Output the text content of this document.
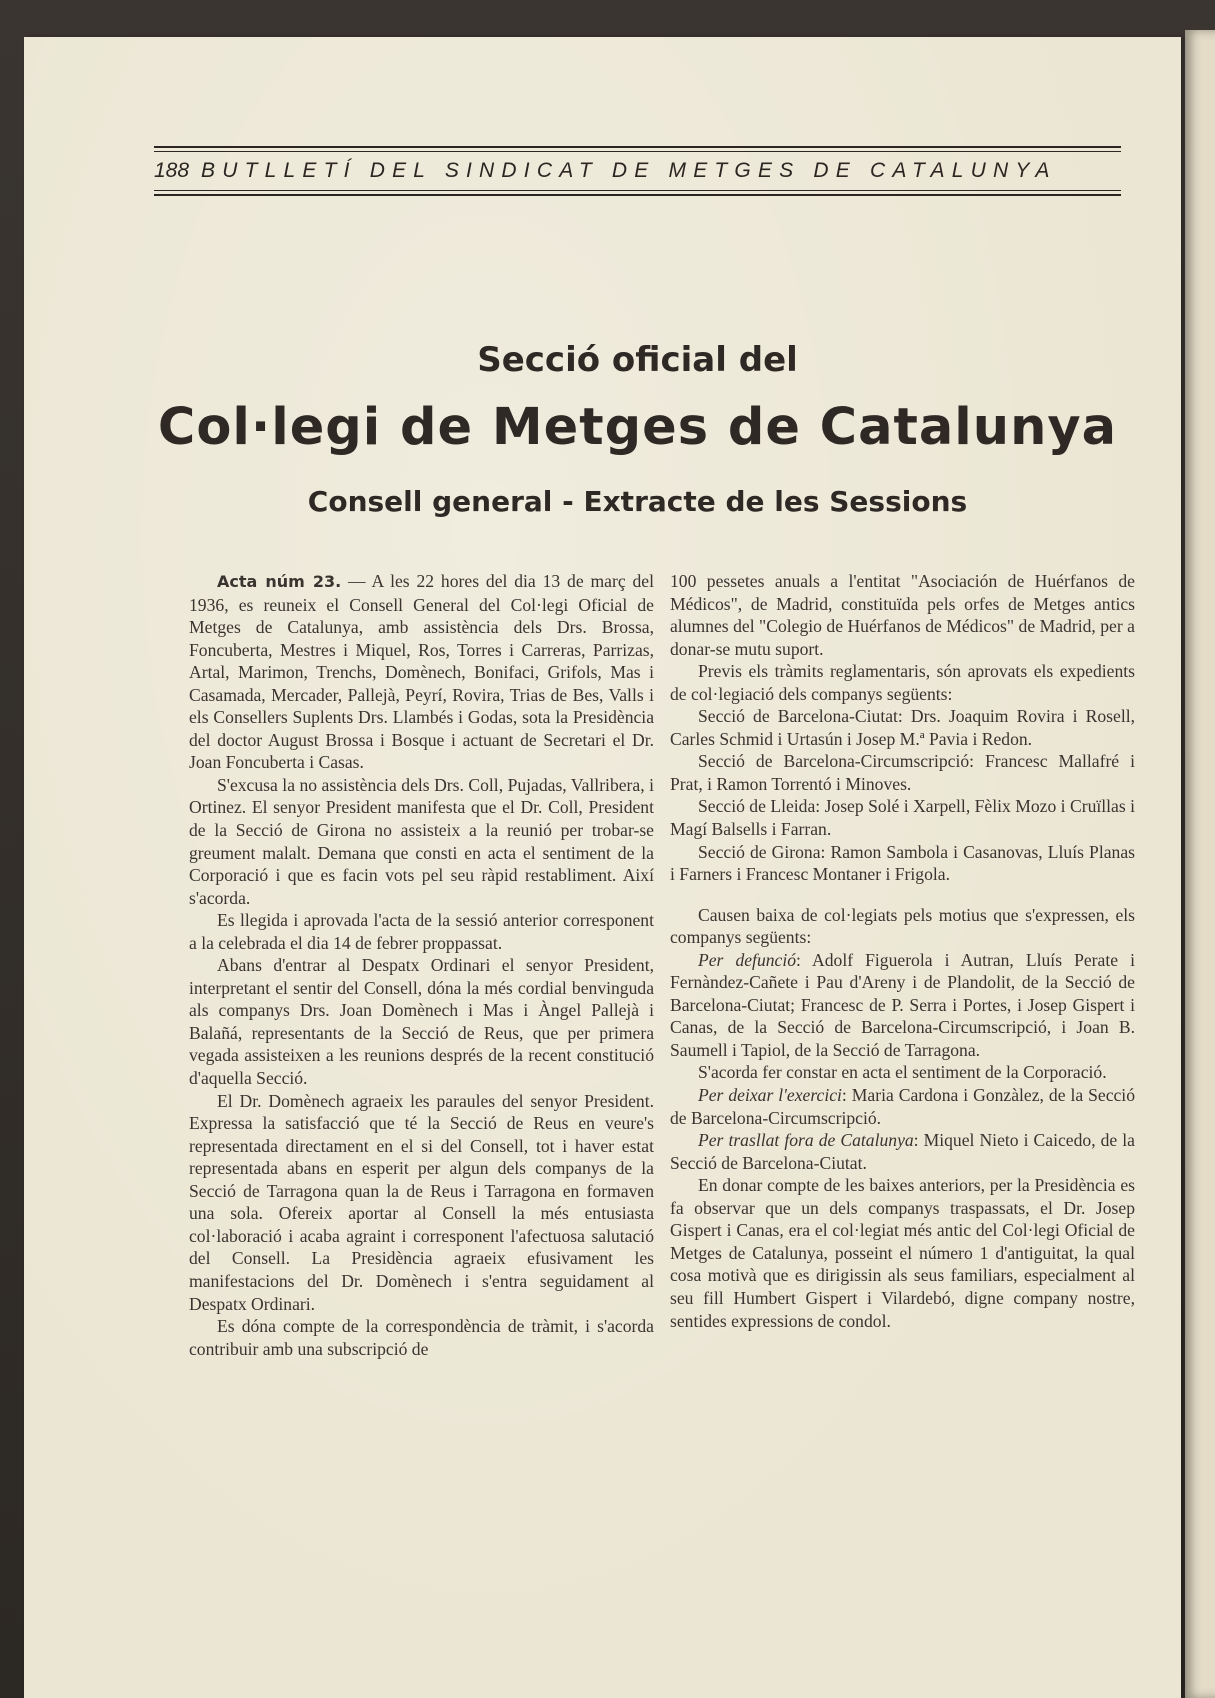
188 BUTLLETÍ DEL SINDICAT DE METGES DE CATALUNYA
Secció oficial del
Col·legi de Metges de Catalunya
Consell general - Extracte de les Sessions

Acta núm 23. — A les 22 hores del dia 13 de març del 1936, es reuneix el Consell General del Col·legi Oficial de Metges de Catalunya, amb assistència dels Drs. Brossa, Foncuberta, Mestres i Miquel, Ros, Torres i Carreras, Parrizas, Artal, Marimon, Trenchs, Domènech, Bonifaci, Grifols, Mas i Casamada, Mercader, Pallejà, Peyrí, Rovira, Trias de Bes, Valls i els Consellers Suplents Drs. Llambés i Godas, sota la Presidència del doctor August Brossa i Bosque i actuant de Secretari el Dr. Joan Foncuberta i Casas.

S'excusa la no assistència dels Drs. Coll, Pujadas, Vallribera, i Ortinez. El senyor President manifesta que el Dr. Coll, President de la Secció de Girona no assisteix a la reunió per trobar-se greument malalt. Demana que consti en acta el sentiment de la Corporació i que es facin vots pel seu ràpid restabliment. Així s'acorda.

Es llegida i aprovada l'acta de la sessió anterior corresponent a la celebrada el dia 14 de febrer proppassat.

Abans d'entrar al Despatx Ordinari el senyor President, interpretant el sentir del Consell, dóna la més cordial benvinguda als companys Drs. Joan Domènech i Mas i Àngel Pallejà i Balañá, representants de la Secció de Reus, que per primera vegada assisteixen a les reunions després de la recent constitució d'aquella Secció.

El Dr. Domènech agraeix les paraules del senyor President. Expressa la satisfacció que té la Secció de Reus en veure's representada directament en el si del Consell, tot i haver estat representada abans en esperit per algun dels companys de la Secció de Tarragona quan la de Reus i Tarragona en formaven una sola. Ofereix aportar al Consell la més entusiasta col·laboració i acaba agraint i corresponent l'afectuosa salutació del Consell. La Presidència agraeix efusivament les manifestacions del Dr. Domènech i s'entra seguidament al Despatx Ordinari.

Es dóna compte de la correspondència de tràmit, i s'acorda contribuir amb una subscripció de

100 pessetes anuals a l'entitat "Asociación de Huérfanos de Médicos", de Madrid, constituïda pels orfes de Metges antics alumnes del "Colegio de Huérfanos de Médicos" de Madrid, per a donar-se mutu suport.

Previs els tràmits reglamentaris, són aprovats els expedients de col·legiació dels companys següents:

Secció de Barcelona-Ciutat: Drs. Joaquim Rovira i Rosell, Carles Schmid i Urtasún i Josep M.ª Pavia i Redon.

Secció de Barcelona-Circumscripció: Francesc Mallafré i Prat, i Ramon Torrentó i Minoves.

Secció de Lleida: Josep Solé i Xarpell, Fèlix Mozo i Cruïllas i Magí Balsells i Farran.

Secció de Girona: Ramon Sambola i Casanovas, Lluís Planas i Farners i Francesc Montaner i Frigola.

Causen baixa de col·legiats pels motius que s'expressen, els companys següents:

Per defunció: Adolf Figuerola i Autran, Lluís Perate i Fernàndez-Cañete i Pau d'Areny i de Plandolit, de la Secció de Barcelona-Ciutat; Francesc de P. Serra i Portes, i Josep Gispert i Canas, de la Secció de Barcelona-Circumscripció, i Joan B. Saumell i Tapiol, de la Secció de Tarragona.

S'acorda fer constar en acta el sentiment de la Corporació.

Per deixar l'exercici: Maria Cardona i Gonzàlez, de la Secció de Barcelona-Circumscripció.

Per trasllat fora de Catalunya: Miquel Nieto i Caicedo, de la Secció de Barcelona-Ciutat.

En donar compte de les baixes anteriors, per la Presidència es fa observar que un dels companys traspassats, el Dr. Josep Gispert i Canas, era el col·legiat més antic del Col·legi Oficial de Metges de Catalunya, posseint el número 1 d'antiguitat, la qual cosa motivà que es dirigissin als seus familiars, especialment al seu fill Humbert Gispert i Vilardebó, digne company nostre, sentides expressions de condol.
